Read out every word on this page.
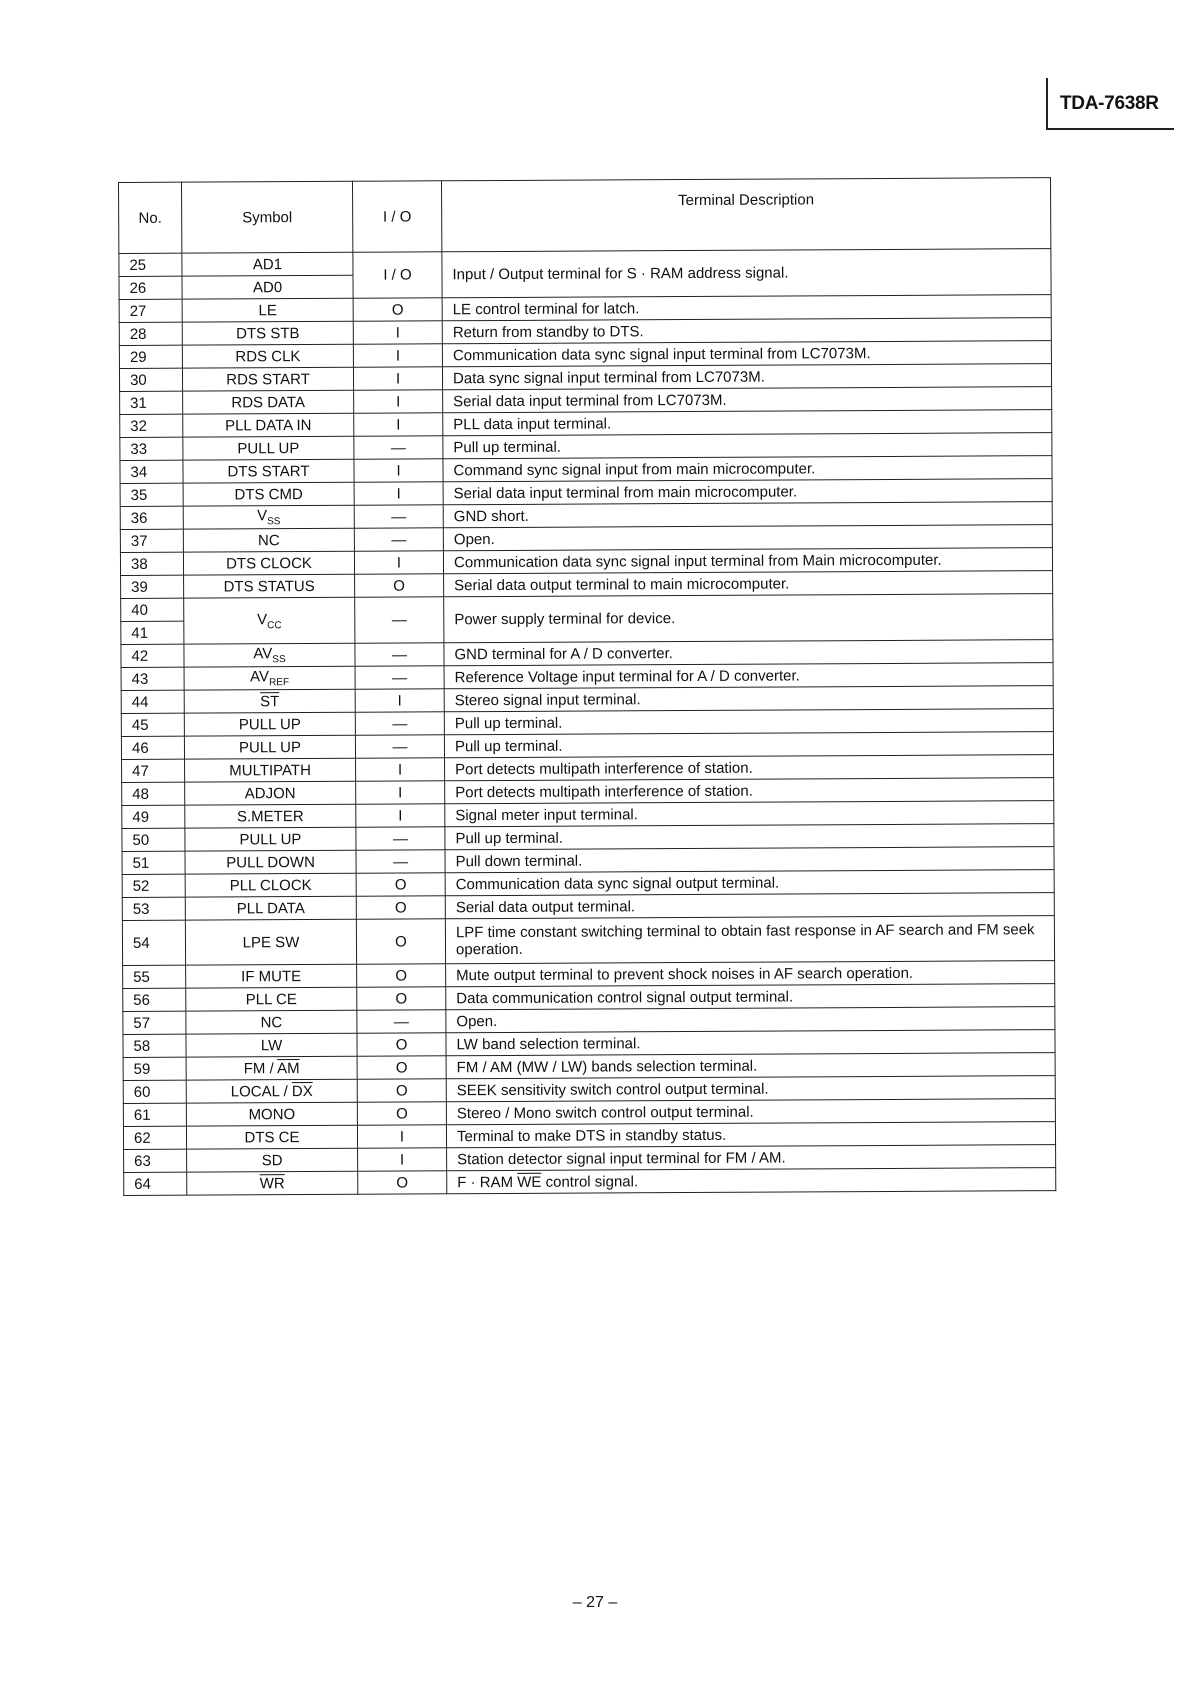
TDA-7638R
No.	Symbol	I / O	Terminal Description
25	AD1	I / O	Input / Output terminal for S · RAM address signal.
26	AD0		
27	LE	O	LE control terminal for latch.
28	DTS STB	I	Return from standby to DTS.
29	RDS CLK	I	Communication data sync signal input terminal from LC7073M.
30	RDS START	I	Data sync signal input terminal from LC7073M.
31	RDS DATA	I	Serial data input terminal from LC7073M.
32	PLL DATA IN	I	PLL data input terminal.
33	PULL UP	—	Pull up terminal.
34	DTS START	I	Command sync signal input from main microcomputer.
35	DTS CMD	I	Serial data input terminal from main microcomputer.
36	$V_{SS}$	—	GND short.
37	NC	—	Open.
38	DTS CLOCK	I	Communication data sync signal input terminal from Main microcomputer.
39	DTS STATUS	O	Serial data output terminal to main microcomputer.
40	$V_{CC}$	—	Power supply terminal for device.
41			
42	$AV_{SS}$	—	GND terminal for A / D converter.
43	$AV_{REF}$	—	Reference Voltage input terminal for A / D converter.
44	$\overline{ST}$	I	Stereo signal input terminal.
45	PULL UP	—	Pull up terminal.
46	PULL UP	—	Pull up terminal.
47	MULTIPATH	I	Port detects multipath interference of station.
48	ADJON	I	Port detects multipath interference of station.
49	S.METER	I	Signal meter input terminal.
50	PULL UP	—	Pull up terminal.
51	PULL DOWN	—	Pull down terminal.
52	PLL CLOCK	O	Communication data sync signal output terminal.
53	PLL DATA	O	Serial data output terminal.
54	LPE SW	O	LPF time constant switching terminal to obtain fast response in AF search and FM seek operation.
55	IF MUTE	O	Mute output terminal to prevent shock noises in AF search operation.
56	PLL CE	O	Data communication control signal output terminal.
57	NC	—	Open.
58	LW	O	LW band selection terminal.
59	FM / $\overline{AM}$	O	FM / AM (MW / LW) bands selection terminal.
60	LOCAL / $\overline{DX}$	O	SEEK sensitivity switch control output terminal.
61	MONO	O	Stereo / Mono switch control output terminal.
62	DTS CE	I	Terminal to make DTS in standby status.
63	SD	I	Station detector signal input terminal for FM / AM.
64	$\overline{WR}$	O	F · RAM $\overline{WE}$ control signal.
– 27 –
